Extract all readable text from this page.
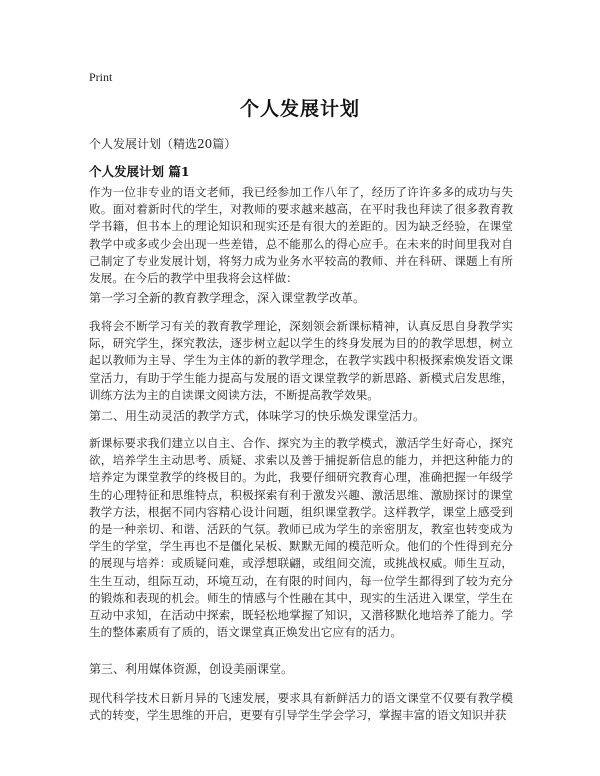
Print
个人发展计划
个人发展计划（精选20篇）
个人发展计划 篇1

作为一位非专业的语文老师，我已经参加工作八年了，经历了许许多多的成功与失败。面对着新时代的学生，对教师的要求越来越高，在平时我也拜读了很多教育教学书籍，但书本上的理论知识和现实还是有很大的差距的。因为缺乏经验，在课堂教学中或多或少会出现一些差错，总不能那么的得心应手。在未来的时间里我对自己制定了专业发展计划，将努力成为业务水平较高的教师、并在科研、课题上有所发展。在今后的教学中里我将会这样做：

第一学习全新的教育教学理念，深入课堂教学改革。

我将会不断学习有关的教育教学理论，深刻领会新课标精神，认真反思自身教学实际，研究学生，探究教法，逐步树立起以学生的终身发展为目的的教学思想，树立起以教师为主导、学生为主体的新的教学理念，在教学实践中积极探索焕发语文课堂活力，有助于学生能力提高与发展的语文课堂教学的新思路、新模式启发思维，训练方法为主的自读课文阅读方法，不断提高教学效果。

第二、用生动灵活的教学方式，体味学习的快乐焕发课堂活力。

新课标要求我们建立以自主、合作、探究为主的教学模式，激活学生好奇心，探究欲，培养学生主动思考、质疑、求索以及善于捕捉新信息的能力，并把这种能力的培养定为课堂教学的终极目的。为此，我要仔细研究教育心理，准确把握一年级学生的心理特征和思维特点，积极探索有利于激发兴趣、激活思维、激励探讨的课堂教学方法，根据不同内容精心设计问题，组织课堂教学。这样教学，课堂上感受到的是一种亲切、和谐、活跃的气氛。教师已成为学生的亲密朋友，教室也转变成为学生的学堂，学生再也不是僵化呆板、默默无闻的模范听众。他们的个性得到充分的展现与培养：或质疑问难，或浮想联翩，或组间交流，或挑战权威。师生互动，生生互动，组际互动，环境互动，在有限的时间内，每一位学生都得到了较为充分的锻炼和表现的机会。师生的情感与个性融在其中，现实的生活进入课堂，学生在互动中求知，在活动中探索，既轻松地掌握了知识，又潜移默化地培养了能力。学生的整体素质有了质的，语文课堂真正焕发出它应有的活力。

第三、利用媒体资源，创设美丽课堂。

现代科学技术日新月异的飞速发展，要求具有新鲜活力的语文课堂不仅要有教学模式的转变，学生思维的开启，更要有引导学生学会学习，掌握丰富的语文知识并获
